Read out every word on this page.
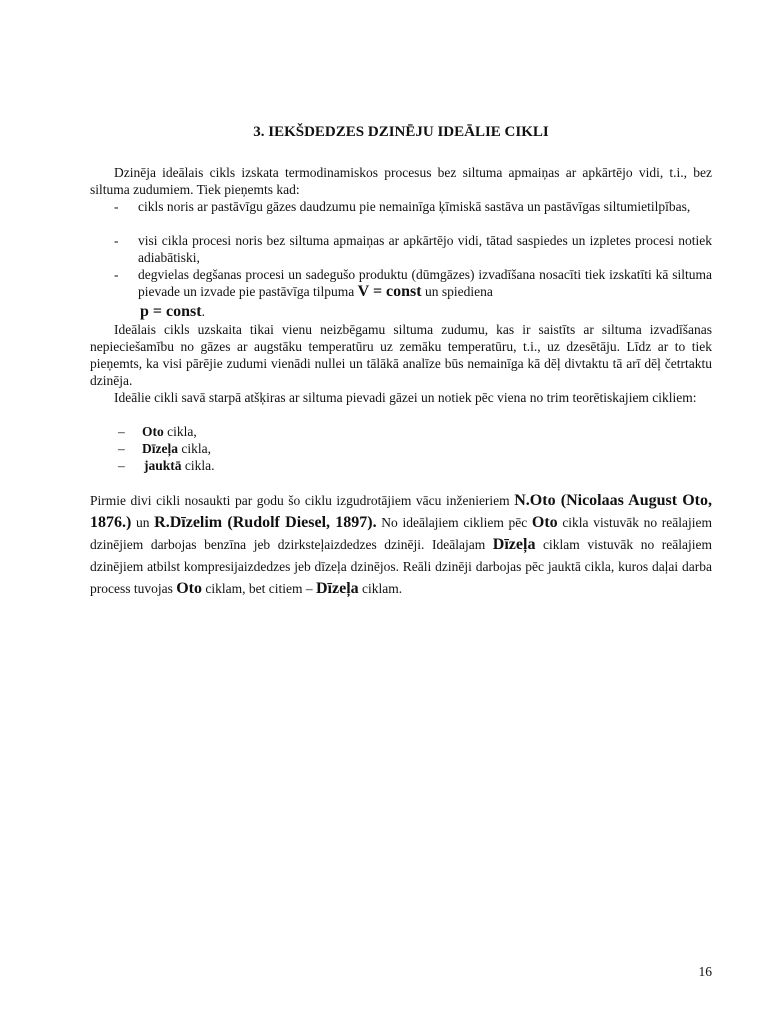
3. IEKŠDEDZES DZINĒJU IDEĀLIE CIKLI
Dzinēja ideālais cikls izskata termodinamiskos procesus bez siltuma apmaiņas ar apkārtējo vidi, t.i., bez siltuma zudumiem. Tiek pieņemts kad:
- cikls noris ar pastāvīgu gāzes daudzumu pie nemainīga ķīmiskā sastāva un pastāvīgas siltumietilpības,
- visi cikla procesi noris bez siltuma apmaiņas ar apkārtējo vidi, tātad saspiedes un izpletes procesi notiek adiabātiski,
- degvielas degšanas procesi un sadegušo produktu (dūmgāzes) izvadīšana nosacīti tiek izskatīti kā siltuma pievade un izvade pie pastāvīga tilpuma V = const un spiediena
p = const.
Ideālais cikls uzskaita tikai vienu neizbēgamu siltuma zudumu, kas ir saistīts ar siltuma izvadīšanas nepieciešamību no gāzes ar augstāku temperatūru uz zemāku temperatūru, t.i., uz dzesētāju. Līdz ar to tiek pieņemts, ka visi pārējie zudumi vienādi nullei un tālākā analīze būs nemainīga kā dēļ divtaktu tā arī dēļ četrtaktu dzinēja.
Ideālie cikli savā starpā atšķiras ar siltuma pievadi gāzei un notiek pēc viena no trim teorētiskajiem cikliem:
– Oto cikla,
– Dīzeļa cikla,
– jauktā cikla.
Pirmie divi cikli nosaukti par godu šo ciklu izgudrotājiem vācu inženieriem N.Oto (Nicolaas August Oto, 1876.) un R.Dīzelim (Rudolf Diesel, 1897). No ideālajiem cikliem pēc Oto cikla vistuvāk no reālajiem dzinējiem darbojas benzīna jeb dzirksteļaizdedzes dzinēji. Ideālajam Dīzeļa ciklam vistuvāk no reālajiem dzinējiem atbilst kompresijaizdedzes jeb dīzeļa dzinējos. Reāli dzinēji darbojas pēc jauktā cikla, kuros daļai darba process tuvojas Oto ciklam, bet citiem – Dīzeļa ciklam.
16
